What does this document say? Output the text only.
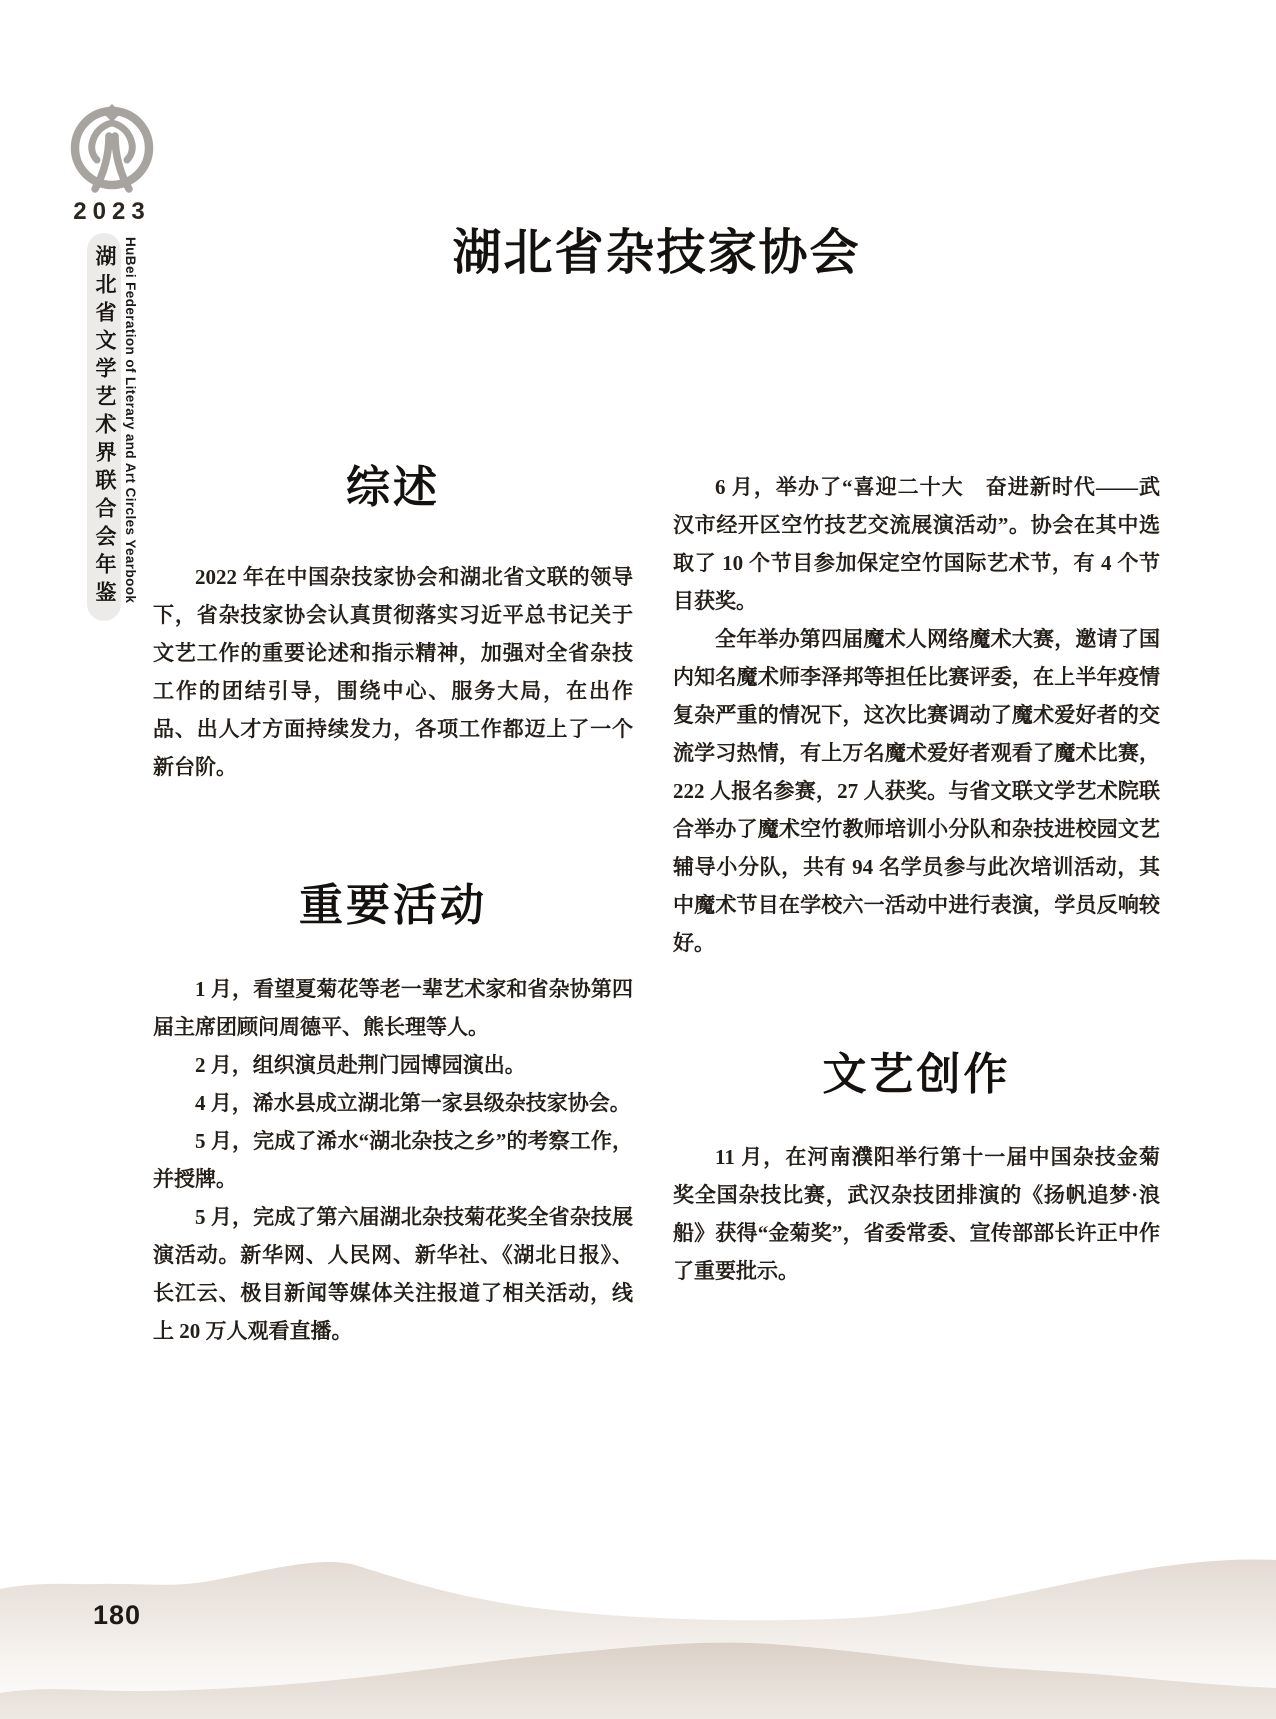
2023
湖北省文学艺术界联合会年鉴 HuBei Federation of Literary and Art Circles Yearbook	湖北省杂技家协会
综述

2022 年在中国杂技家协会和湖北省文联的领导下，省杂技家协会认真贯彻落实习近平总书记关于文艺工作的重要论述和指示精神，加强对全省杂技工作的团结引导，围绕中心、服务大局，在出作品、出人才方面持续发力，各项工作都迈上了一个新台阶。

重要活动

1 月，看望夏菊花等老一辈艺术家和省杂协第四届主席团顾问周德平、熊长理等人。

2 月，组织演员赴荆门园博园演出。

4 月，浠水县成立湖北第一家县级杂技家协会。

5 月，完成了浠水“湖北杂技之乡”的考察工作，并授牌。

5 月，完成了第六届湖北杂技菊花奖全省杂技展演活动。新华网、人民网、新华社、《湖北日报》、长江云、极目新闻等媒体关注报道了相关活动，线上 20 万人观看直播。

6 月，举办了“喜迎二十大　奋进新时代——武汉市经开区空竹技艺交流展演活动”。协会在其中选取了 10 个节目参加保定空竹国际艺术节，有 4 个节目获奖。

全年举办第四届魔术人网络魔术大赛，邀请了国内知名魔术师李泽邦等担任比赛评委，在上半年疫情复杂严重的情况下，这次比赛调动了魔术爱好者的交流学习热情，有上万名魔术爱好者观看了魔术比赛，222 人报名参赛，27 人获奖。与省文联文学艺术院联合举办了魔术空竹教师培训小分队和杂技进校园文艺辅导小分队，共有 94 名学员参与此次培训活动，其中魔术节目在学校六一活动中进行表演，学员反响较好。

文艺创作

11 月，在河南濮阳举行第十一届中国杂技金菊奖全国杂技比赛，武汉杂技团排演的《扬帆追梦·浪船》获得“金菊奖”，省委常委、宣传部部长许正中作了重要批示。

180
